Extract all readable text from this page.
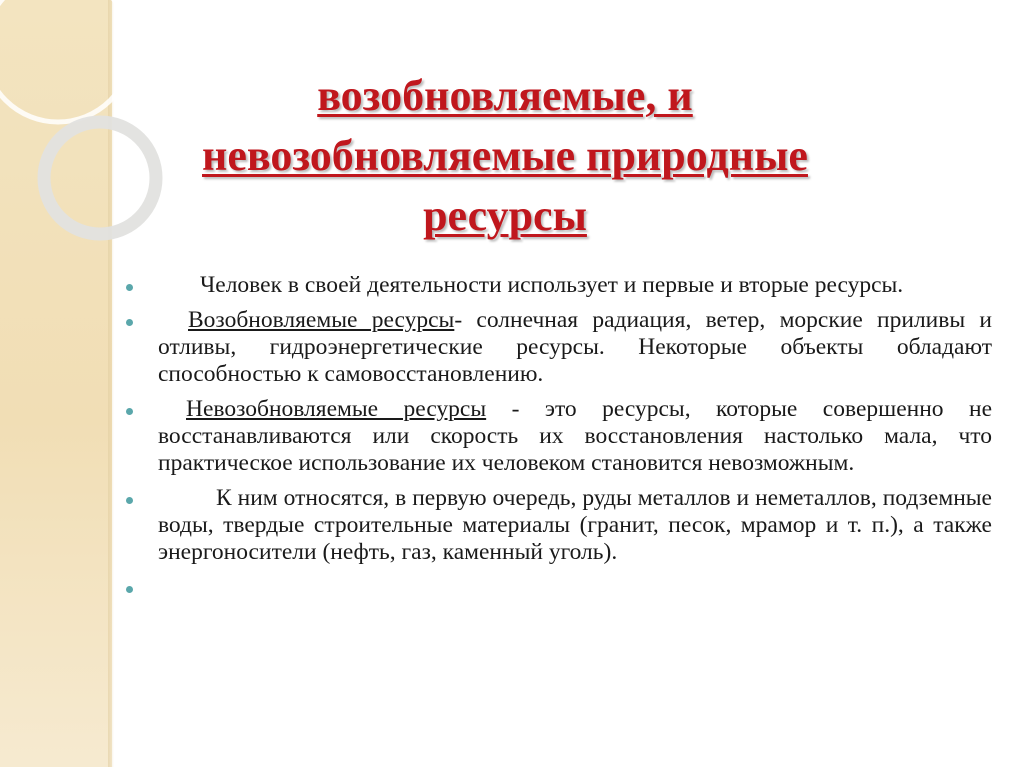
возобновляемые, и
невозобновляемые природные
ресурсы
Человек в своей деятельности использует и первые и вторые ресурсы.
Возобновляемые ресурсы- солнечная радиация, ветер, морские приливы и отливы, гидроэнергетические ресурсы. Некоторые объекты обладают способностью к самовосстановлению.
Невозобновляемые ресурсы - это ресурсы, которые совершенно не восстанавливаются или скорость их восстановления настолько мала, что практическое использование их человеком становится невозможным.
К ним относятся, в первую очередь, руды металлов и неметаллов, подземные воды, твердые строительные материалы (гранит, песок, мрамор и т. п.), а также энергоносители (нефть, газ, каменный уголь).
